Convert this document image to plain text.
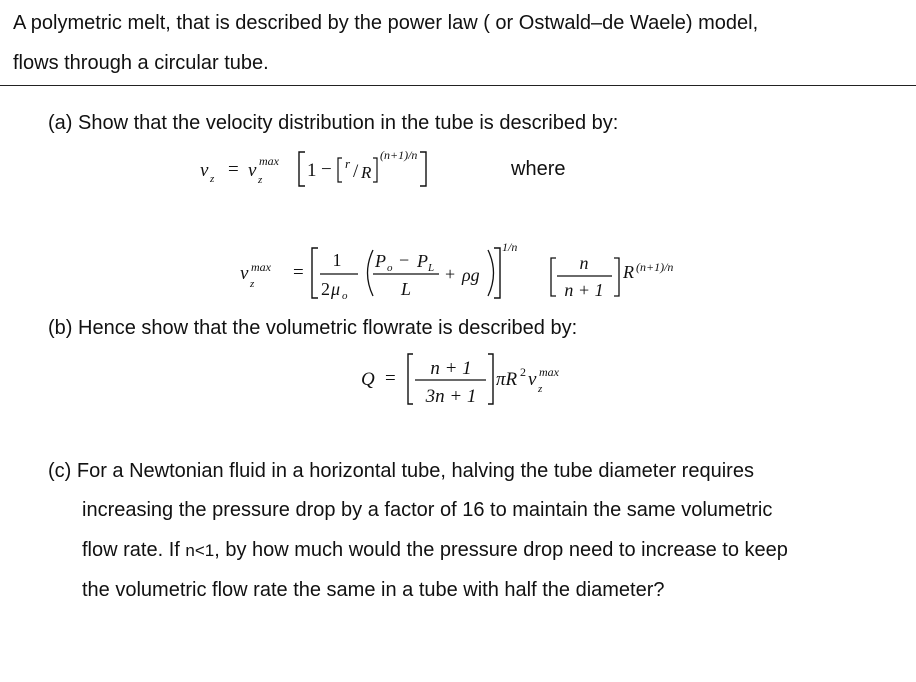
A polymetric melt, that is described by the power law ( or Ostwald–de Waele) model,
flows through a circular tube.
(a) Show that the velocity distribution in the tube is described by:
v z = v max
z 1 − r / R
(n+1)/n
where
v max
z
=
1
2 μ o
P o − P L
L
+ ρg
1/n
n
n + 1
R (n+1)/n
(b) Hence show that the volumetric flowrate is described by:
Q = n + 1
3n + 1
πR 2 v max
z
(c) For a Newtonian fluid in a horizontal tube, halving the tube diameter requires
increasing the pressure drop by a factor of 16 to maintain the same volumetric
flow rate. If n<1, by how much would the pressure drop need to increase to keep
the volumetric flow rate the same in a tube with half the diameter?
